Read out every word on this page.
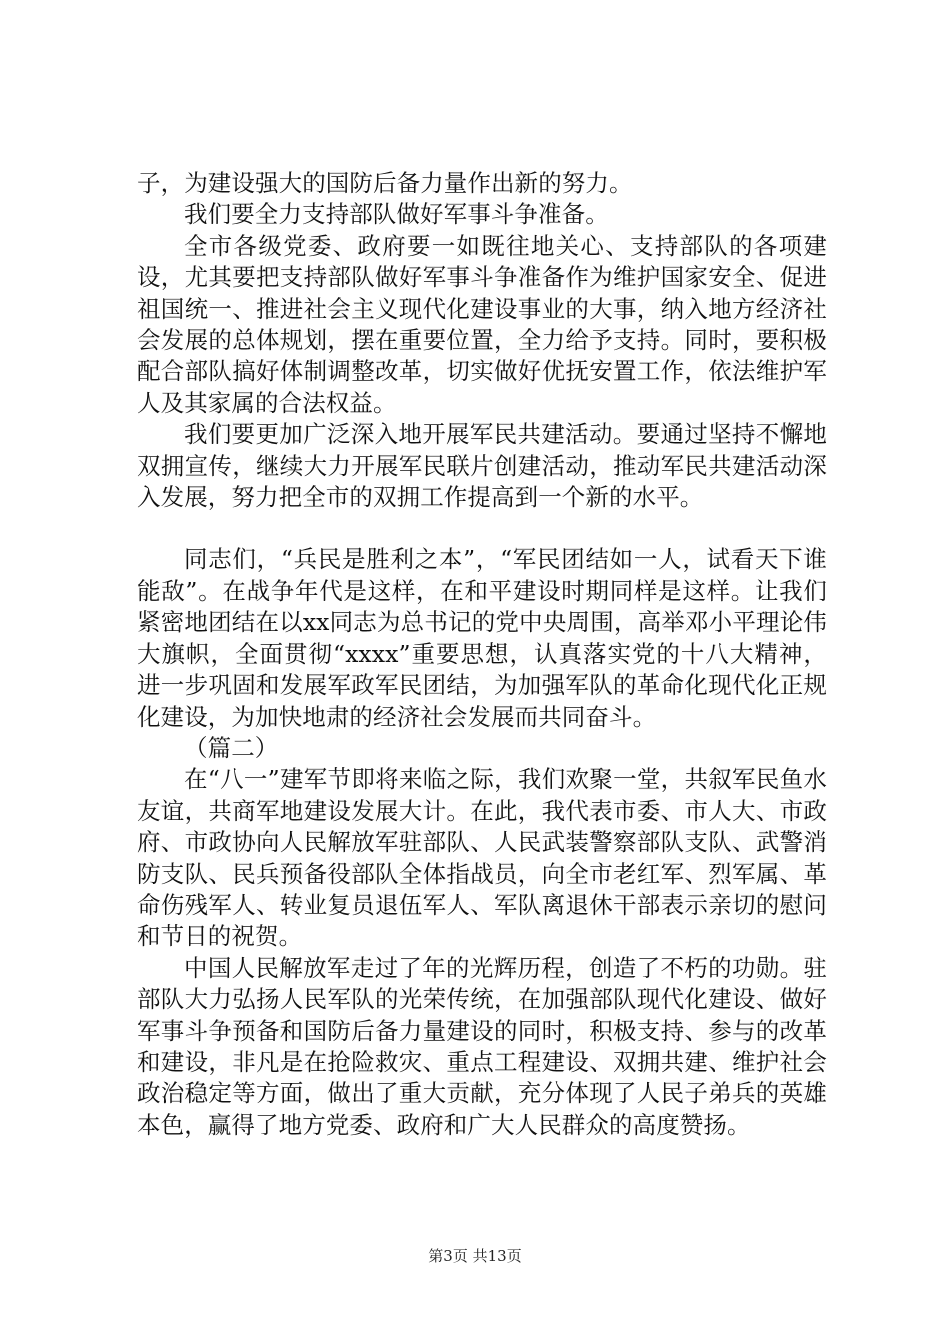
子，为建设强大的国防后备力量作出新的努力。

我们要全力支持部队做好军事斗争准备。

全市各级党委、政府要一如既往地关心、支持部队的各项建设，尤其要把支持部队做好军事斗争准备作为维护国家安全、促进祖国统一、推进社会主义现代化建设事业的大事，纳入地方经济社会发展的总体规划，摆在重要位置，全力给予支持。同时，要积极配合部队搞好体制调整改革，切实做好优抚安置工作，依法维护军人及其家属的合法权益。

我们要更加广泛深入地开展军民共建活动。要通过坚持不懈地双拥宣传，继续大力开展军民联片创建活动，推动军民共建活动深入发展，努力把全市的双拥工作提高到一个新的水平。

同志们，“兵民是胜利之本”，“军民团结如一人，试看天下谁能敌”。在战争年代是这样，在和平建设时期同样是这样。让我们紧密地团结在以xx同志为总书记的党中央周围，高举邓小平理论伟大旗帜，全面贯彻“xxxx”重要思想，认真落实党的十八大精神，进一步巩固和发展军政军民团结，为加强军队的革命化现代化正规化建设，为加快地肃的经济社会发展而共同奋斗。

（篇二）

在“八一”建军节即将来临之际，我们欢聚一堂，共叙军民鱼水友谊，共商军地建设发展大计。在此，我代表市委、市人大、市政府、市政协向人民解放军驻部队、人民武装警察部队支队、武警消防支队、民兵预备役部队全体指战员，向全市老红军、烈军属、革命伤残军人、转业复员退伍军人、军队离退休干部表示亲切的慰问和节日的祝贺。

中国人民解放军走过了年的光辉历程，创造了不朽的功勋。驻部队大力弘扬人民军队的光荣传统，在加强部队现代化建设、做好军事斗争预备和国防后备力量建设的同时，积极支持、参与的改革和建设，非凡是在抢险救灾、重点工程建设、双拥共建、维护社会政治稳定等方面，做出了重大贡献，充分体现了人民子弟兵的英雄本色，赢得了地方党委、政府和广大人民群众的高度赞扬。

第3页 共13页
